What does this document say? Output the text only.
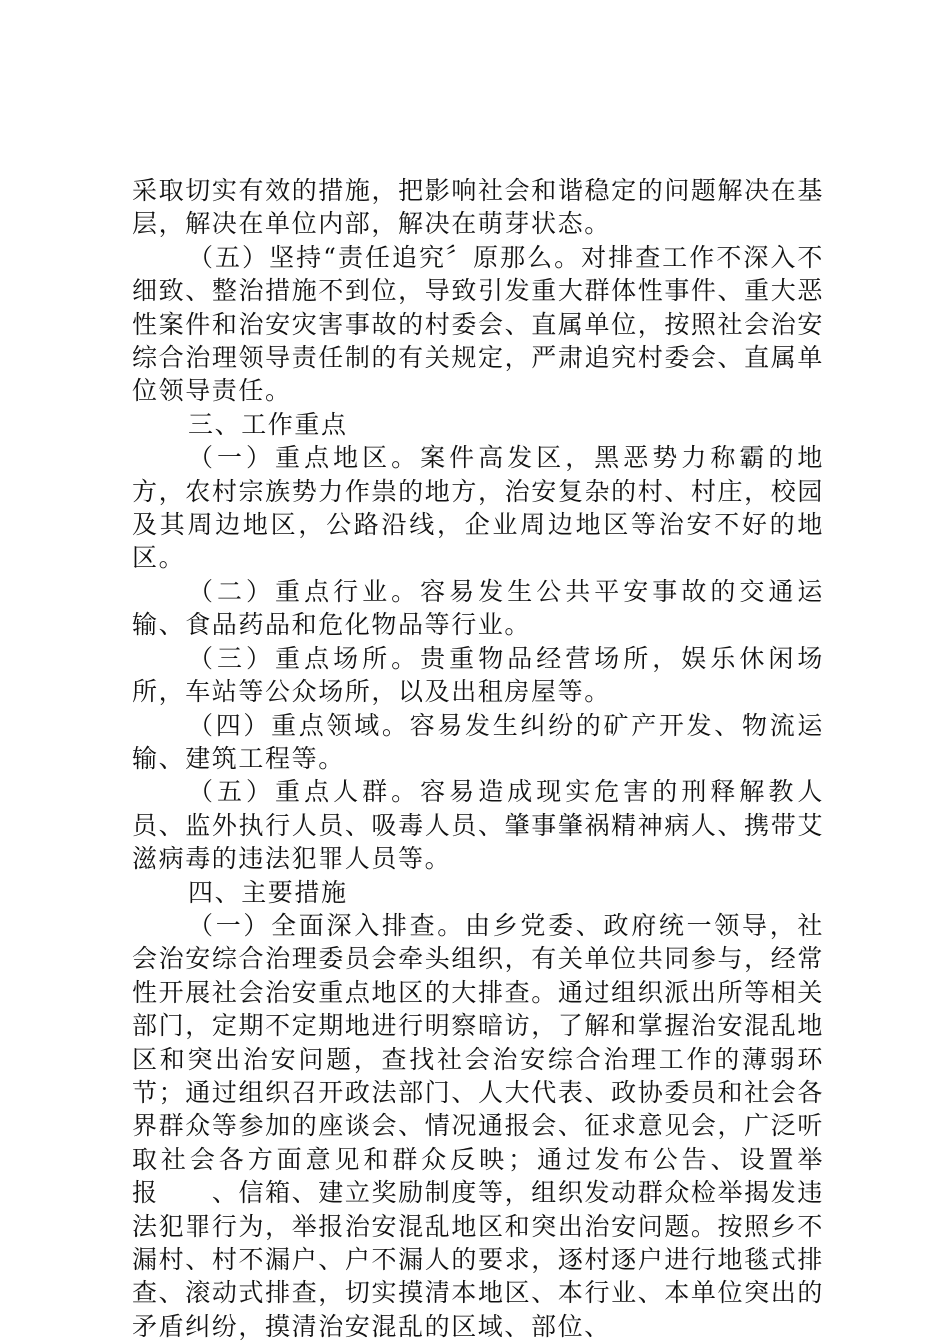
采取切实有效的措施，把影响社会和谐稳定的问题解决在基层，解决在单位内部，解决在萌芽状态。

（五）坚持“责任追究〞原那么。对排查工作不深入不细致、整治措施不到位，导致引发重大群体性事件、重大恶性案件和治安灾害事故的村委会、直属单位，按照社会治安综合治理领导责任制的有关规定，严肃追究村委会、直属单位领导责任。

三、工作重点

（一）重点地区。案件高发区，黑恶势力称霸的地方，农村宗族势力作祟的地方，治安复杂的村、村庄，校园及其周边地区，公路沿线，企业周边地区等治安不好的地区。

（二）重点行业。容易发生公共平安事故的交通运输、食品药品和危化物品等行业。

（三）重点场所。贵重物品经营场所，娱乐休闲场所，车站等公众场所，以及出租房屋等。

（四）重点领域。容易发生纠纷的矿产开发、物流运输、建筑工程等。

（五）重点人群。容易造成现实危害的刑释解教人员、监外执行人员、吸毒人员、肇事肇祸精神病人、携带艾滋病毒的违法犯罪人员等。

四、主要措施

（一）全面深入排查。由乡党委、政府统一领导，社会治安综合治理委员会牵头组织，有关单位共同参与，经常性开展社会治安重点地区的大排查。通过组织派出所等相关部门，定期不定期地进行明察暗访，了解和掌握治安混乱地区和突出治安问题，查找社会治安综合治理工作的薄弱环节；通过组织召开政法部门、人大代表、政协委员和社会各界群众等参加的座谈会、情况通报会、征求意见会，广泛听取社会各方面意见和群众反映；通过发布公告、设置举报　　、信箱、建立奖励制度等，组织发动群众检举揭发违法犯罪行为，举报治安混乱地区和突出治安问题。按照乡不漏村、村不漏户、户不漏人的要求，逐村逐户进行地毯式排查、滚动式排查，切实摸清本地区、本行业、本单位突出的矛盾纠纷，摸清治安混乱的区域、部位、
